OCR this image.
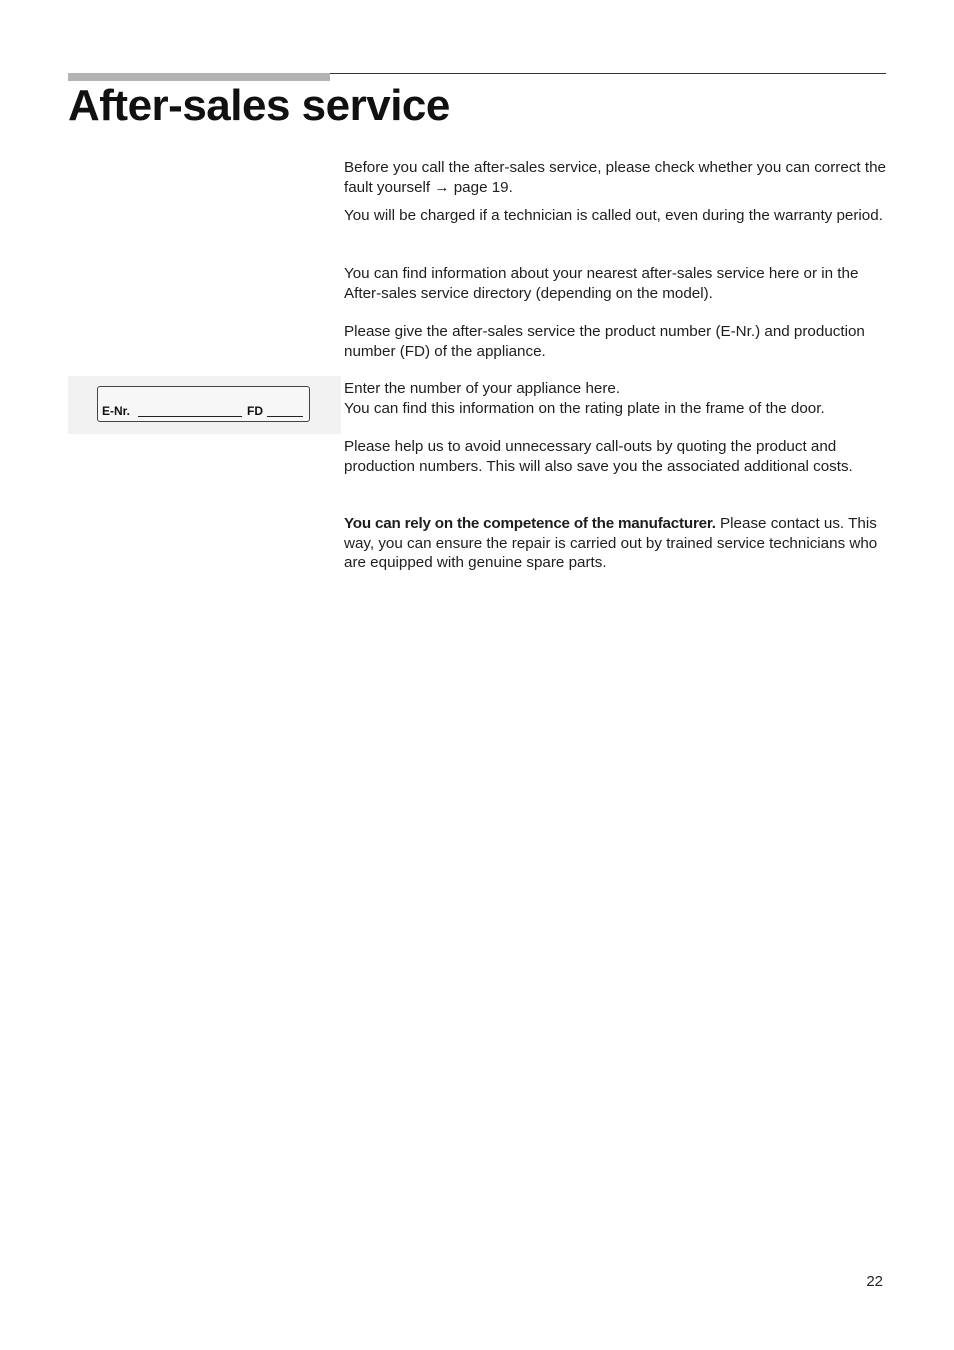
After-sales service

Before you call the after-sales service, please check whether you can correct the fault yourself → page 19.

You will be charged if a technician is called out, even during the warranty period.

You can find information about your nearest after-sales service here or in the After-sales service directory (depending on the model).

Please give the after-sales service the product number (E-Nr.) and production number (FD) of the appliance.

E-Nr.	FD

Enter the number of your appliance here.

You can find this information on the rating plate in the frame of the door.

Please help us to avoid unnecessary call-outs by quoting the product and production numbers. This will also save you the associated additional costs.

You can rely on the competence of the manufacturer. Please contact us. This way, you can ensure the repair is carried out by trained service technicians who are equipped with genuine spare parts.

22
